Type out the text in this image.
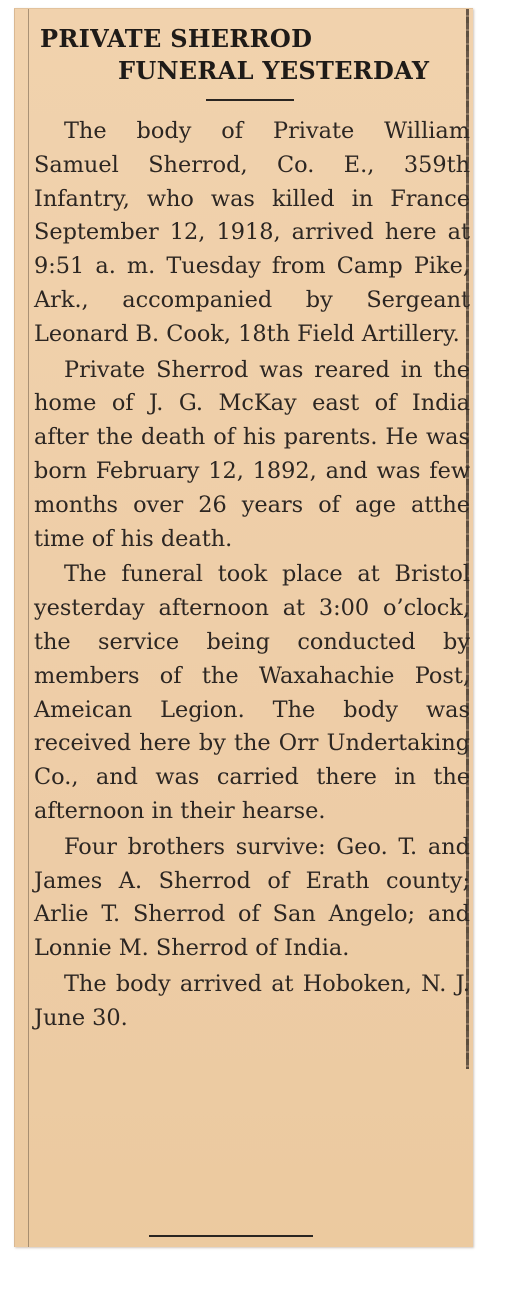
PRIVATE SHERROD
FUNERAL YESTERDAY

The body of Private William Samuel Sherrod, Co. E., 359th Infantry, who was killed in France September 12, 1918, arrived here at 9:51 a. m. Tuesday from Camp Pike, Ark., accompanied by Sergeant Leonard B. Cook, 18th Field Artillery.

Private Sherrod was reared in the home of J. G. McKay east of India after the death of his parents. He was born February 12, 1892, and was few months over 26 years of age atthe time of his death.

The funeral took place at Bristol yesterday afternoon at 3:00 o’clock, the service being conducted by members of the Waxahachie Post, Ameican Legion. The body was received here by the Orr Undertaking Co., and was carried there in the afternoon in their hearse.

Four brothers survive: Geo. T. and James A. Sherrod of Erath county; Arlie T. Sherrod of San Angelo; and Lonnie M. Sherrod of India.

The body arrived at Hoboken, N. J. June 30.
